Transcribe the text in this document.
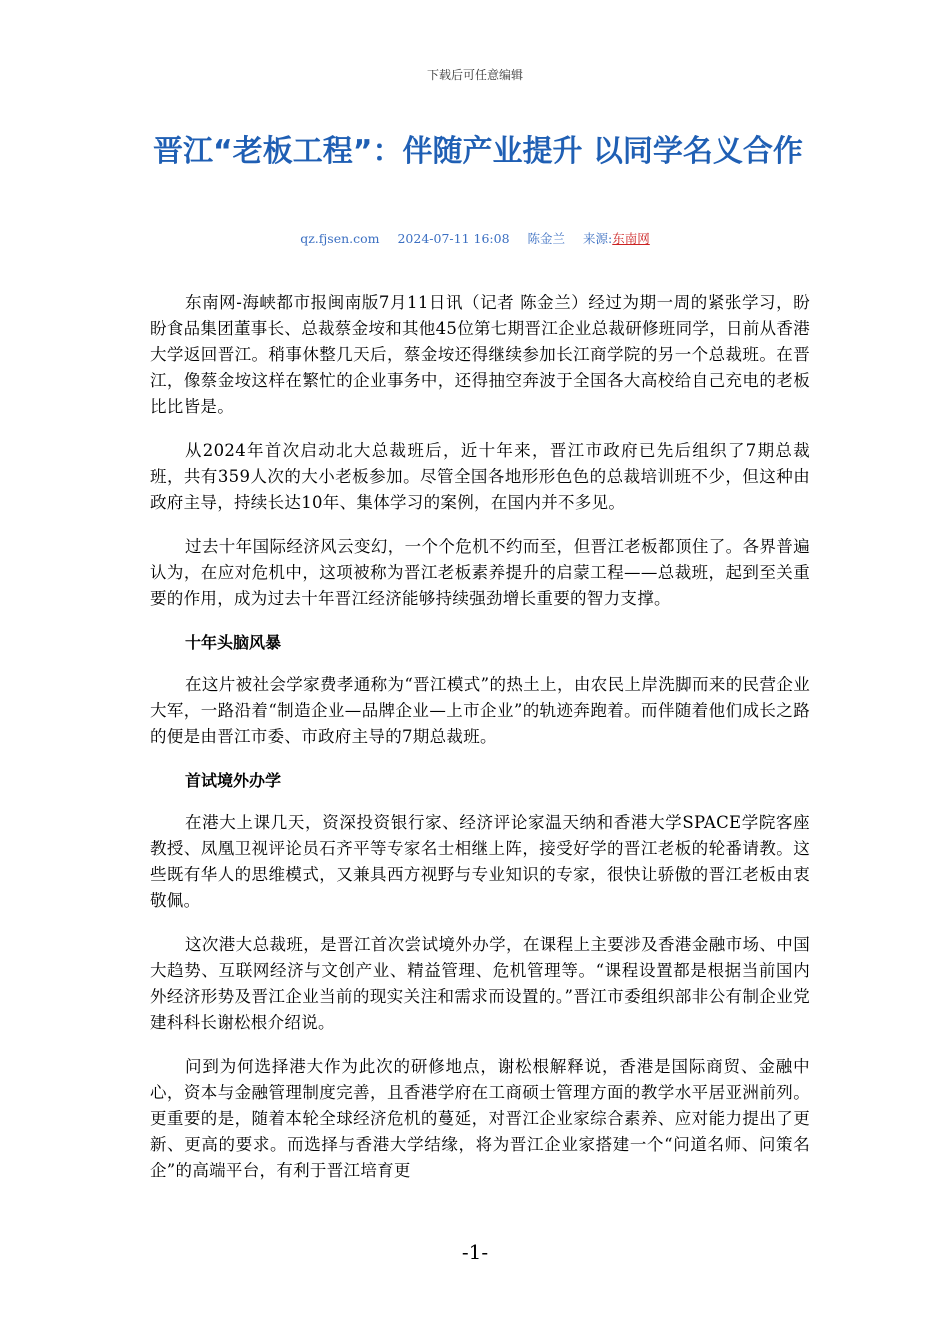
下载后可任意编辑
晋江“老板工程”：伴随产业提升 以同学名义合作
qz.fjsen.com 2024-07-11 16:08 陈金兰 来源:东南网

东南网-海峡都市报闽南版7月11日讯（记者 陈金兰）经过为期一周的紧张学习，盼盼食品集团董事长、总裁蔡金垵和其他45位第七期晋江企业总裁研修班同学，日前从香港大学返回晋江。稍事休整几天后，蔡金垵还得继续参加长江商学院的另一个总裁班。在晋江，像蔡金垵这样在繁忙的企业事务中，还得抽空奔波于全国各大高校给自己充电的老板比比皆是。

从2024年首次启动北大总裁班后，近十年来，晋江市政府已先后组织了7期总裁班，共有359人次的大小老板参加。尽管全国各地形形色色的总裁培训班不少，但这种由政府主导，持续长达10年、集体学习的案例，在国内并不多见。

过去十年国际经济风云变幻，一个个危机不约而至，但晋江老板都顶住了。各界普遍认为，在应对危机中，这项被称为晋江老板素养提升的启蒙工程——总裁班，起到至关重要的作用，成为过去十年晋江经济能够持续强劲增长重要的智力支撑。

十年头脑风暴

在这片被社会学家费孝通称为“晋江模式”的热土上，由农民上岸洗脚而来的民营企业大军，一路沿着“制造企业—品牌企业—上市企业”的轨迹奔跑着。而伴随着他们成长之路的便是由晋江市委、市政府主导的7期总裁班。

首试境外办学

在港大上课几天，资深投资银行家、经济评论家温天纳和香港大学SPACE学院客座教授、凤凰卫视评论员石齐平等专家名士相继上阵，接受好学的晋江老板的轮番请教。这些既有华人的思维模式，又兼具西方视野与专业知识的专家，很快让骄傲的晋江老板由衷敬佩。

这次港大总裁班，是晋江首次尝试境外办学，在课程上主要涉及香港金融市场、中国大趋势、互联网经济与文创产业、精益管理、危机管理等。“课程设置都是根据当前国内外经济形势及晋江企业当前的现实关注和需求而设置的。”晋江市委组织部非公有制企业党建科科长谢松根介绍说。

问到为何选择港大作为此次的研修地点，谢松根解释说，香港是国际商贸、金融中心，资本与金融管理制度完善，且香港学府在工商硕士管理方面的教学水平居亚洲前列。更重要的是，随着本轮全球经济危机的蔓延，对晋江企业家综合素养、应对能力提出了更新、更高的要求。而选择与香港大学结缘，将为晋江企业家搭建一个“问道名师、问策名企”的高端平台，有利于晋江培育更

-1-
